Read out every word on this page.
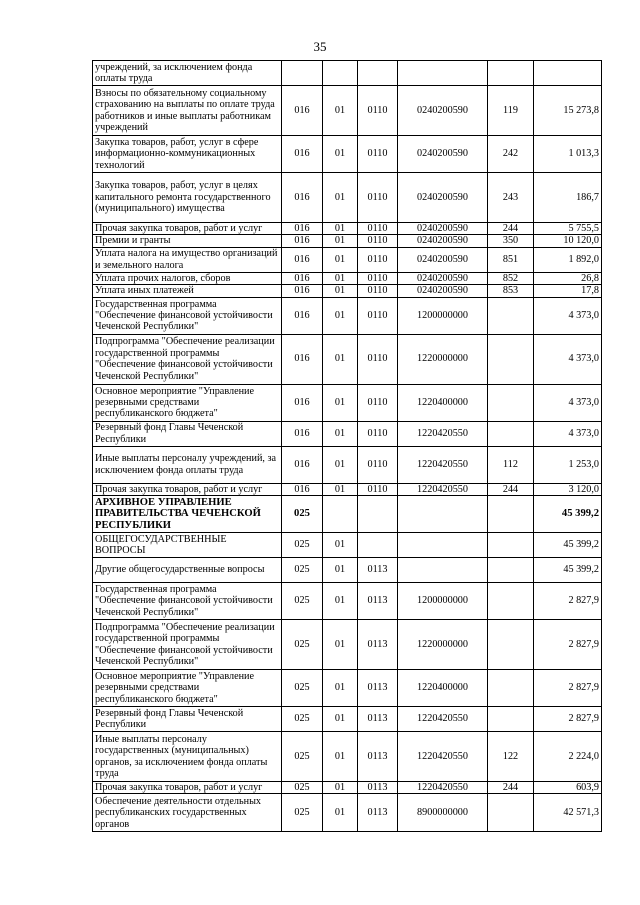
35
учреждений, за исключением фонда оплаты труда						
Взносы по обязательному социальному страхованию на выплаты по оплате труда работников и иные выплаты работникам учреждений	016	01	0110	0240200590	119	15 273,8
Закупка товаров, работ, услуг в сфере информационно-коммуникационных технологий	016	01	0110	0240200590	242	1 013,3
Закупка товаров, работ, услуг в целях капитального ремонта государственного (муниципального) имущества	016	01	0110	0240200590	243	186,7
Прочая закупка товаров, работ и услуг	016	01	0110	0240200590	244	5 755,5
Премии и гранты	016	01	0110	0240200590	350	10 120,0
Уплата налога на имущество организаций и земельного налога	016	01	0110	0240200590	851	1 892,0
Уплата прочих налогов, сборов	016	01	0110	0240200590	852	26,8
Уплата иных платежей	016	01	0110	0240200590	853	17,8
Государственная программа "Обеспечение финансовой устойчивости Чеченской Республики"	016	01	0110	1200000000		4 373,0
Подпрограмма "Обеспечение реализации государственной программы "Обеспечение финансовой устойчивости Чеченской Республики"	016	01	0110	1220000000		4 373,0
Основное мероприятие "Управление резервными средствами республиканского бюджета"	016	01	0110	1220400000		4 373,0
Резервный фонд Главы Чеченской Республики	016	01	0110	1220420550		4 373,0
Иные выплаты персоналу учреждений, за исключением фонда оплаты труда	016	01	0110	1220420550	112	1 253,0
Прочая закупка товаров, работ и услуг	016	01	0110	1220420550	244	3 120,0
АРХИВНОЕ УПРАВЛЕНИЕ ПРАВИТЕЛЬСТВА ЧЕЧЕНСКОЙ РЕСПУБЛИКИ	025					45 399,2
ОБЩЕГОСУДАРСТВЕННЫЕ ВОПРОСЫ	025	01				45 399,2
Другие общегосударственные вопросы	025	01	0113			45 399,2
Государственная программа "Обеспечение финансовой устойчивости Чеченской Республики"	025	01	0113	1200000000		2 827,9
Подпрограмма "Обеспечение реализации государственной программы "Обеспечение финансовой устойчивости Чеченской Республики"	025	01	0113	1220000000		2 827,9
Основное мероприятие "Управление резервными средствами республиканского бюджета"	025	01	0113	1220400000		2 827,9
Резервный фонд Главы Чеченской Республики	025	01	0113	1220420550		2 827,9
Иные выплаты персоналу государственных (муниципальных) органов, за исключением фонда оплаты труда	025	01	0113	1220420550	122	2 224,0
Прочая закупка товаров, работ и услуг	025	01	0113	1220420550	244	603,9
Обеспечение деятельности отдельных республиканских государственных органов	025	01	0113	8900000000		42 571,3
